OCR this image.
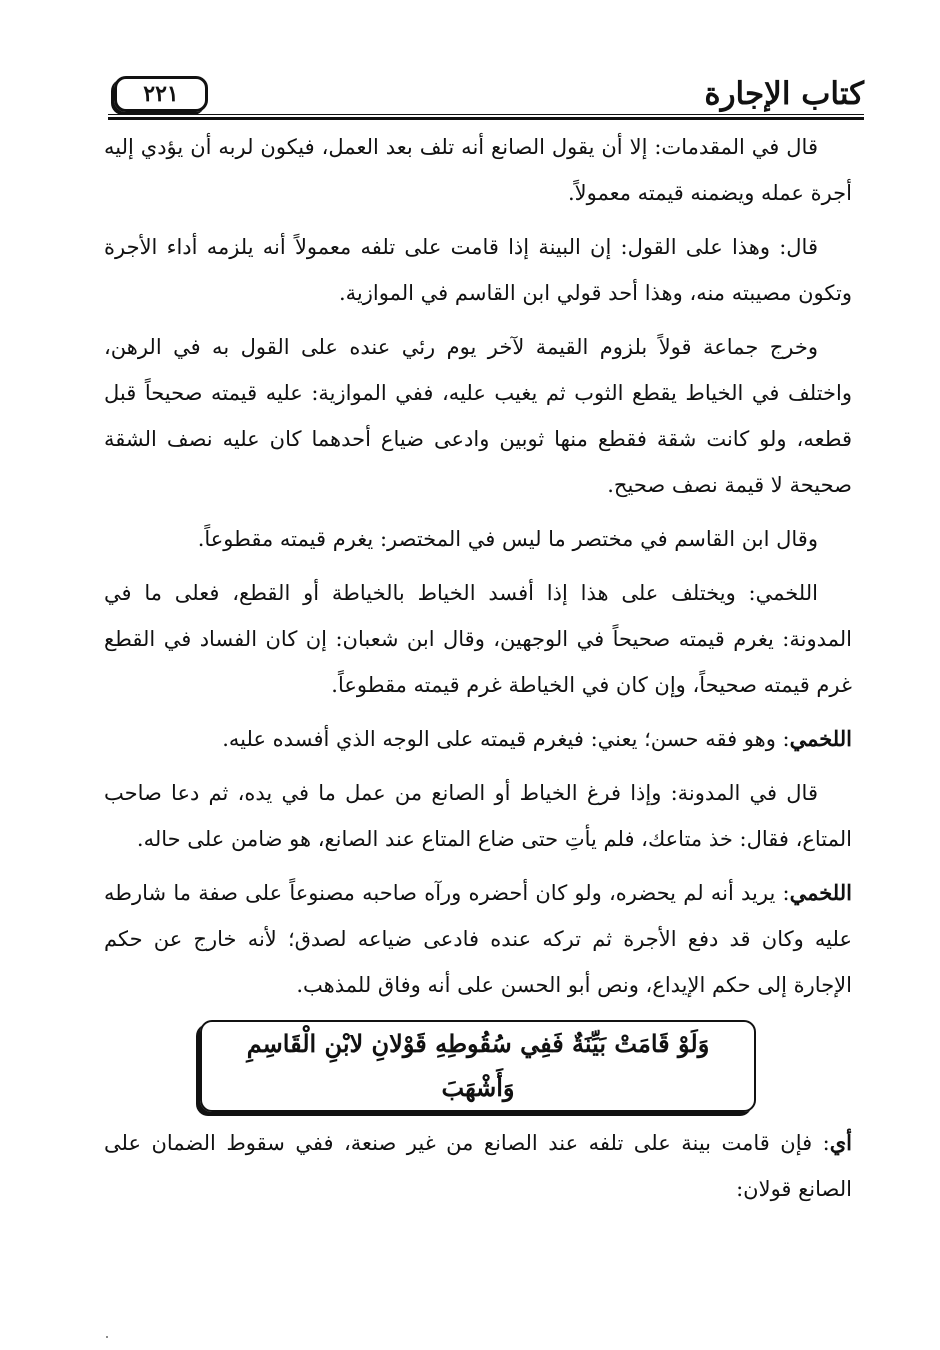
كتاب الإجارة
٢٢١

قال في المقدمات: إلا أن يقول الصانع أنه تلف بعد العمل، فيكون لربه أن يؤدي إليه أجرة عمله ويضمنه قيمته معمولاً.

قال: وهذا على القول: إن البينة إذا قامت على تلفه معمولاً أنه يلزمه أداء الأجرة وتكون مصيبته منه، وهذا أحد قولي ابن القاسم في الموازية.

وخرج جماعة قولاً بلزوم القيمة لآخر يوم رئي عنده على القول به في الرهن، واختلف في الخياط يقطع الثوب ثم يغيب عليه، ففي الموازية: عليه قيمته صحيحاً قبل قطعه، ولو كانت شقة فقطع منها ثوبين وادعى ضياع أحدهما كان عليه نصف الشقة صحيحة لا قيمة نصف صحيح.

وقال ابن القاسم في مختصر ما ليس في المختصر: يغرم قيمته مقطوعاً.

اللخمي: ويختلف على هذا إذا أفسد الخياط بالخياطة أو القطع، فعلى ما في المدونة: يغرم قيمته صحيحاً في الوجهين، وقال ابن شعبان: إن كان الفساد في القطع غرم قيمته صحيحاً، وإن كان في الخياطة غرم قيمته مقطوعاً.

اللخمي: وهو فقه حسن؛ يعني: فيغرم قيمته على الوجه الذي أفسده عليه.

قال في المدونة: وإذا فرغ الخياط أو الصانع من عمل ما في يده، ثم دعا صاحب المتاع، فقال: خذ متاعك، فلم يأتِ حتى ضاع المتاع عند الصانع، هو ضامن على حاله.

اللخمي: يريد أنه لم يحضره، ولو كان أحضره ورآه صاحبه مصنوعاً على صفة ما شارطه عليه وكان قد دفع الأجرة ثم تركه عنده فادعى ضياعه لصدق؛ لأنه خارج عن حكم الإجارة إلى حكم الإيداع، ونص أبو الحسن على أنه وفاق للمذهب.

وَلَوْ قَامَتْ بَيِّنَةٌ فَفِي سُقُوطِهِ قَوْلانِ لابْنِ الْقَاسِمِ وَأَشْهَبَ

أي: فإن قامت بينة على تلفه عند الصانع من غير صنعة، ففي سقوط الضمان على الصانع قولان:
